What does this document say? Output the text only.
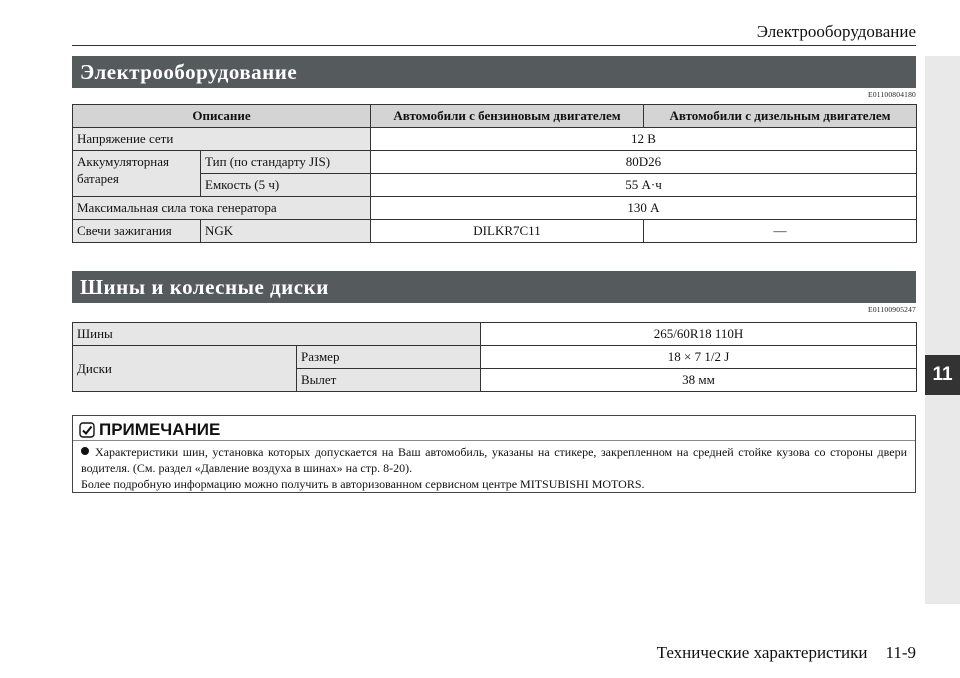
Электрооборудование
11
Электрооборудование
E01100804180
Описание		Автомобили с бензиновым двигателем	Автомобили с дизельным двигателем
Напряжение сети		12 В	
Аккумуляторная батарея	Тип (по стандарту JIS)	80D26	
	Емкость (5 ч)	55 А·ч	
Максимальная сила тока генератора		130 А	
Свечи зажигания	NGK	DILKR7C11	—
Шины и колесные диски
E01100905247
Шины		265/60R18 110H
Диски	Размер	18 × 7 1/2 J
	Вылет	38 мм
ПРИМЕЧАНИЕ
Характеристики шин, установка которых допускается на Ваш автомобиль, указаны на стикере, закрепленном на средней стойке кузова со стороны двери водителя. (См. раздел «Давление воздуха в шинах» на стр. 8-20).
Более подробную информацию можно получить в авторизованном сервисном центре MITSUBISHI MOTORS.
Технические характеристики 11-9
